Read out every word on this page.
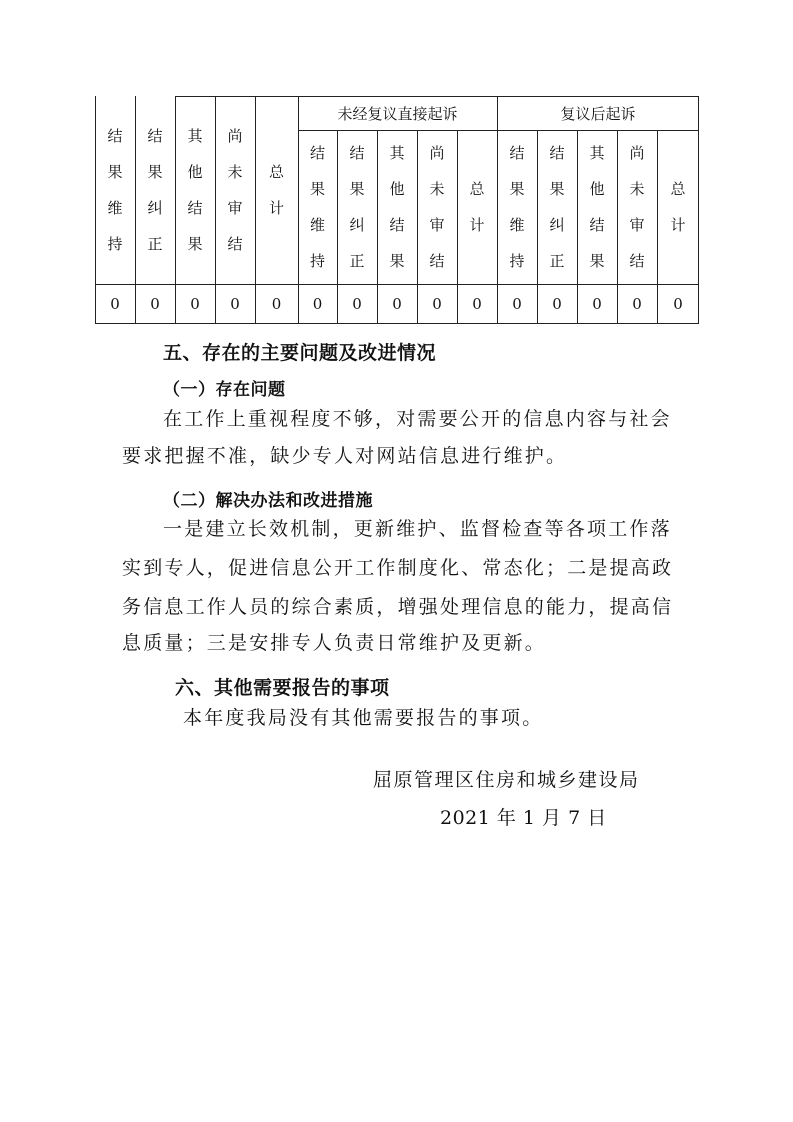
结果维持
结果纠正
其他结果
尚未审结
总计
未经复议直接起诉	复议后起诉
结果维持
结果纠正
其他结果
尚未审结
总计
结果维持
结果纠正
其他结果
尚未审结
总计
0 0 0 0 0 0 0 0 0 0 0 0 0 0 0
五、存在的主要问题及改进情况
（一）存在问题
在工作上重视程度不够，对需要公开的信息内容与社会
要求把握不准，缺少专人对网站信息进行维护。
（二）解决办法和改进措施
一是建立长效机制，更新维护、监督检查等各项工作落
实到专人，促进信息公开工作制度化、常态化；二是提高政
务信息工作人员的综合素质，增强处理信息的能力，提高信
息质量；三是安排专人负责日常维护及更新。
六、其他需要报告的事项
本年度我局没有其他需要报告的事项。
屈原管理区住房和城乡建设局
2021 年 1 月 7 日
